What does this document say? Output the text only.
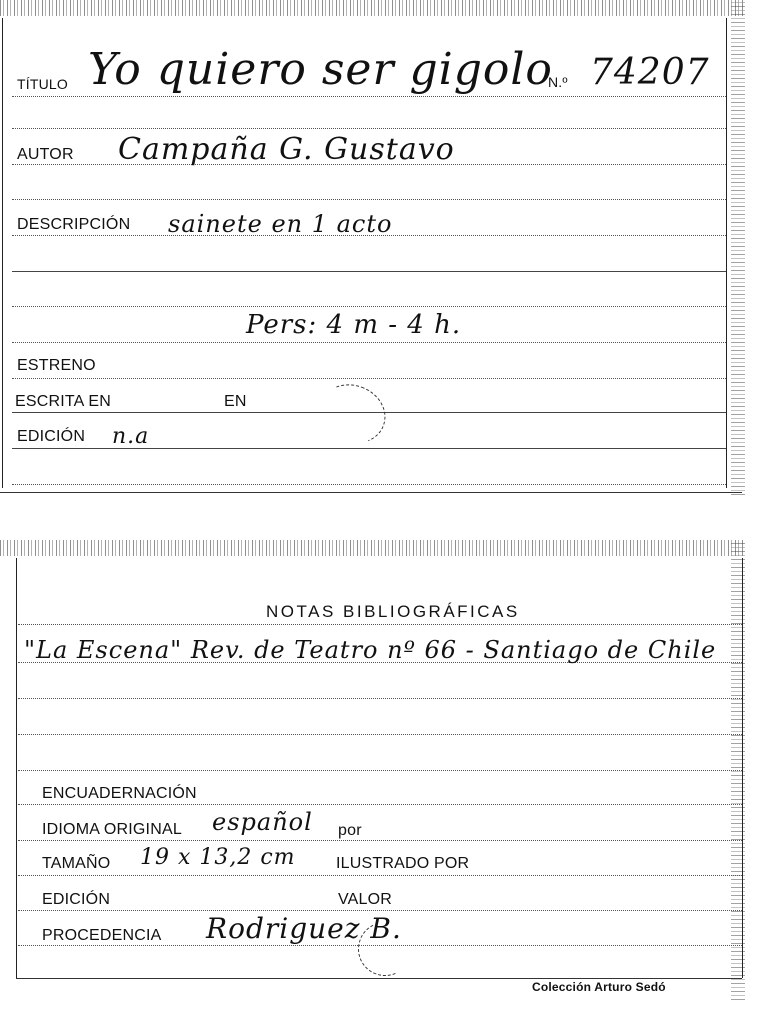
TÍTULO Yo quiero ser gigolo
N.º 74207
AUTOR Campaña G. Gustavo
DESCRIPCIÓN sainete en 1 acto
Pers: 4 m - 4 h.
ESTRENO
ESCRITA EN	EN
EDICIÓN n.a
NOTAS BIBLIOGRÁFICAS
"La Escena" Rev. de Teatro nº 66 - Santiago de Chile
ENCUADERNACIÓN
IDIOMA ORIGINAL español por
TAMAÑO 19 x 13,2 cm	ILUSTRADO POR
EDICIÓN	VALOR
PROCEDENCIA Rodriguez B.
Colección Arturo Sedó
